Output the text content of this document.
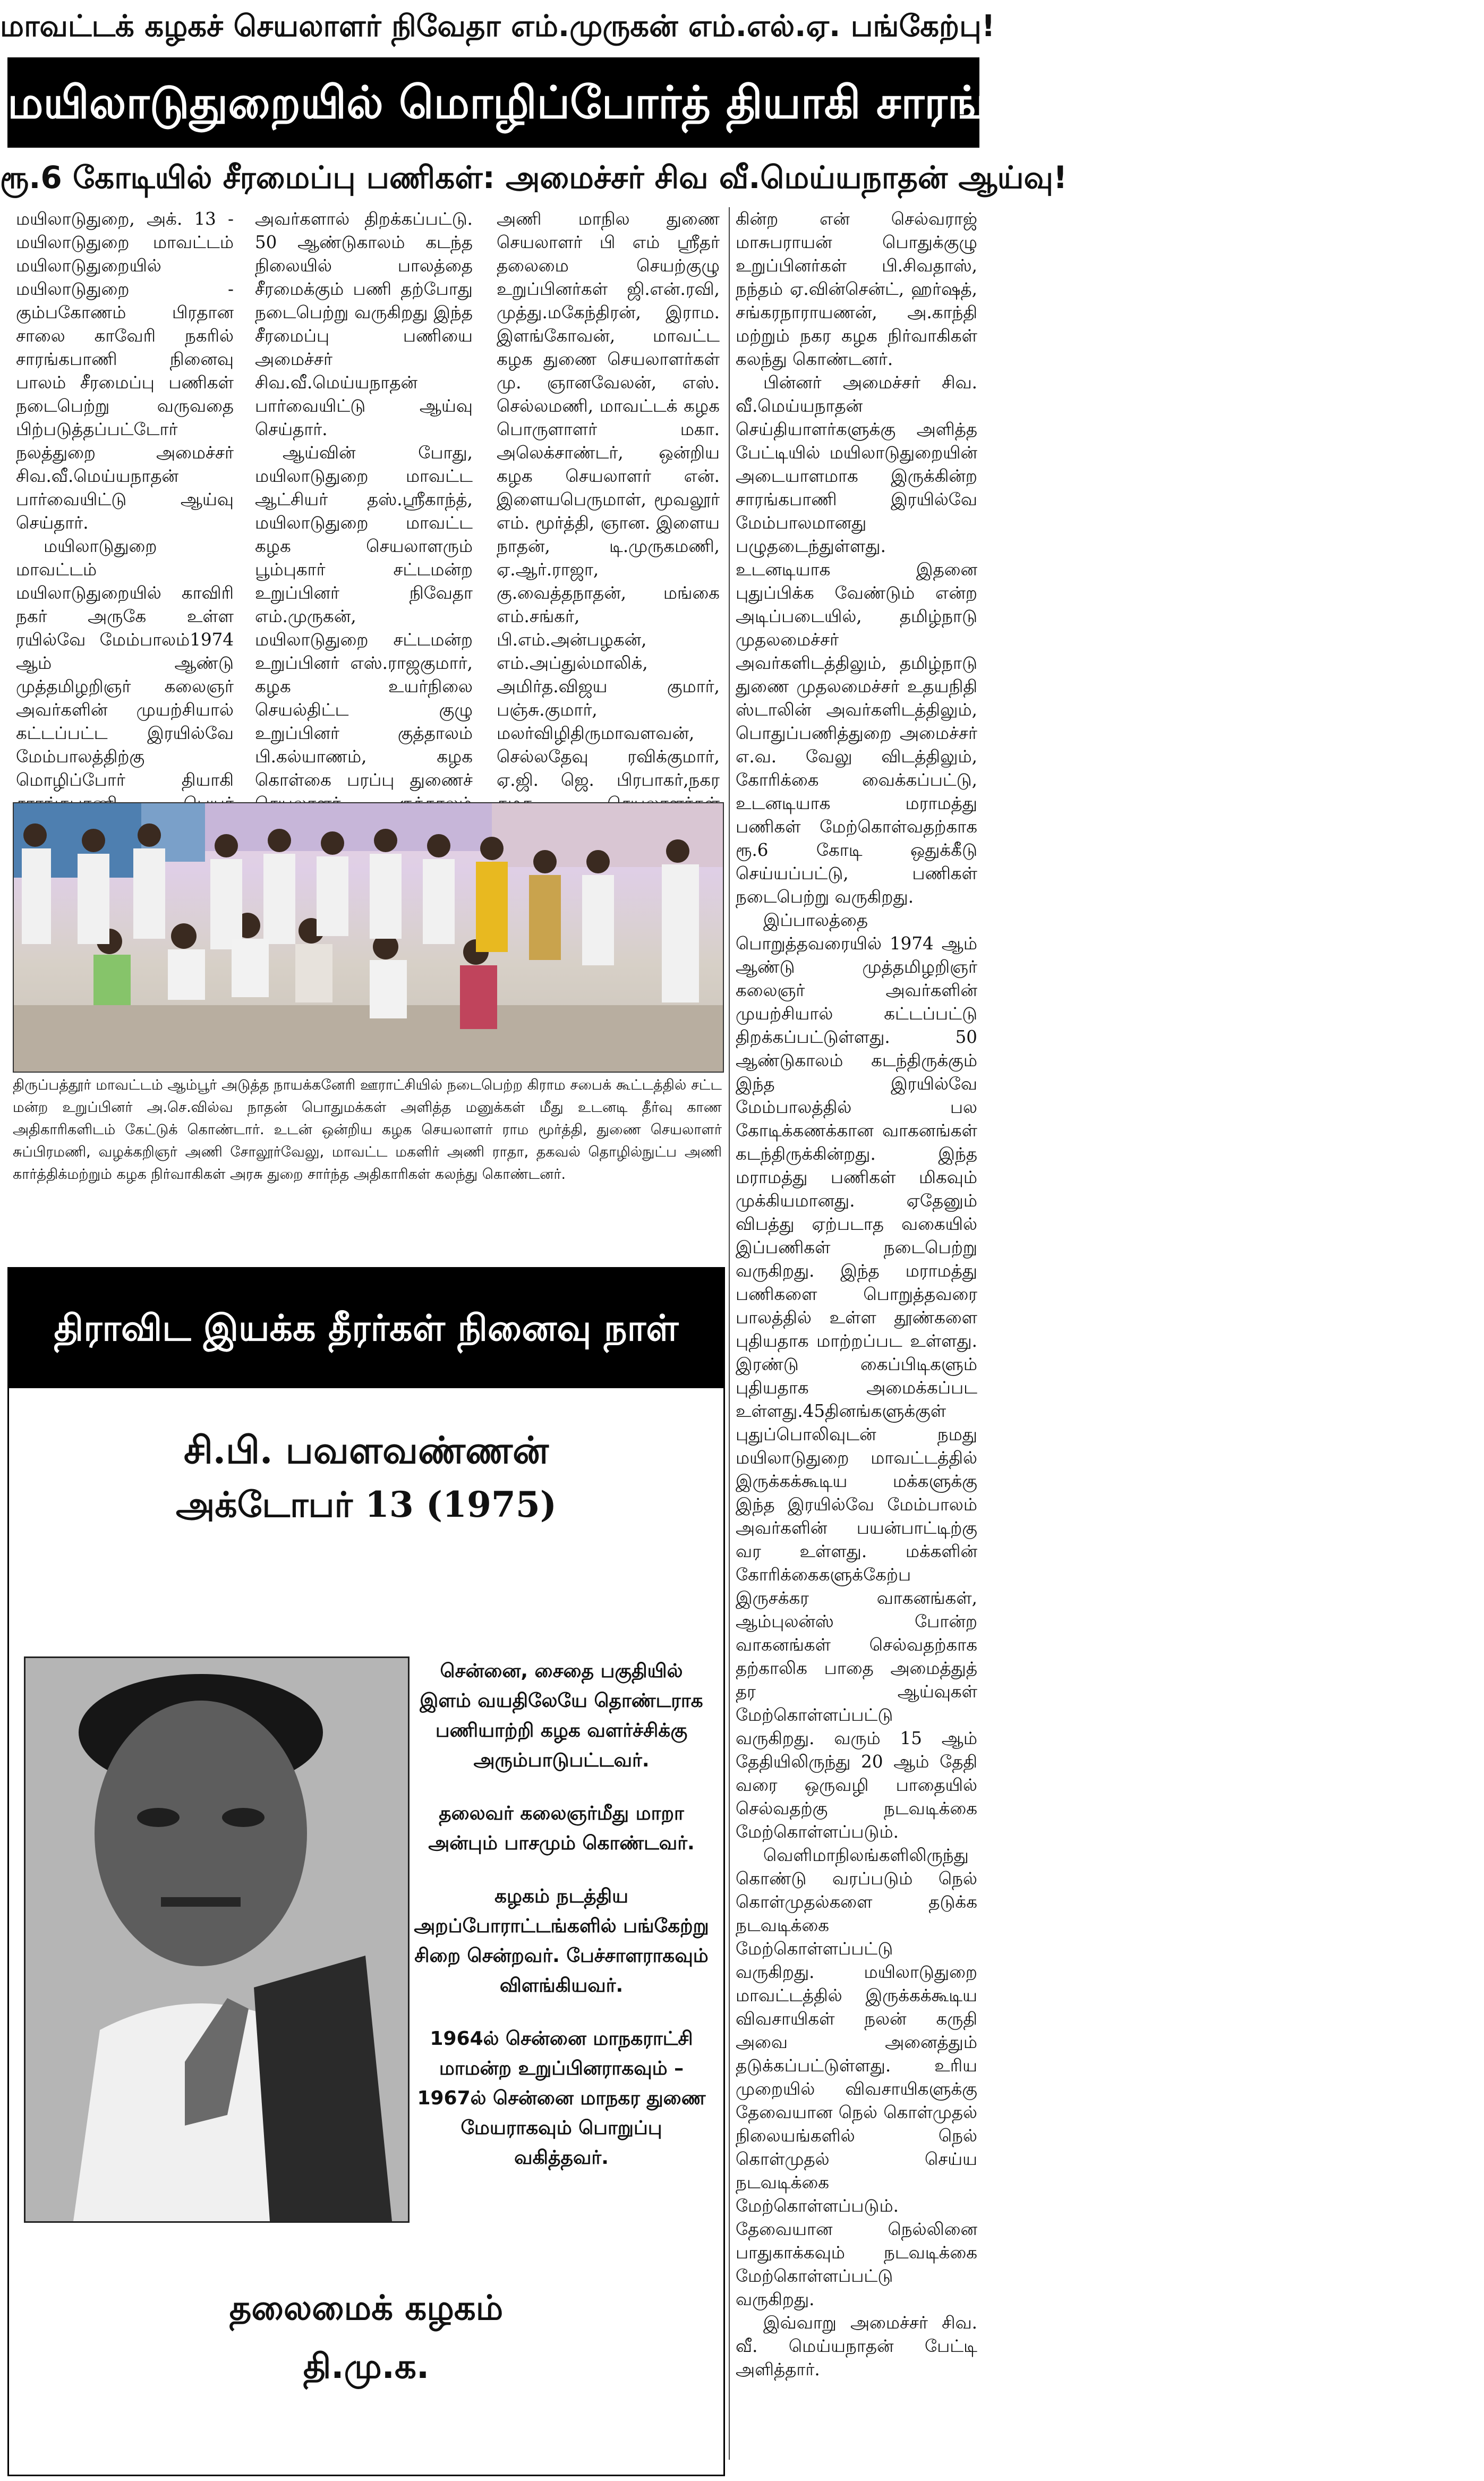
மாவட்டக் கழகச் செயலாளர் நிவேதா எம்.முருகன் எம்.எல்.ஏ. பங்கேற்பு!
மயிலாடுதுறையில் மொழிப்போர்த் தியாகி சாரங்கபாணி நினைவு பாலம்!
ரூ.6 கோடியில் சீரமைப்பு பணிகள்: அமைச்சர் சிவ வீ.மெய்யநாதன் ஆய்வு!

மயிலாடுதுறை, அக். 13 - மயிலாடுதுறை மாவட்டம் மயிலாடுதுறையில் மயிலாடுதுறை - கும்பகோணம் பிரதான சாலை காவேரி நகரில் சாரங்கபாணி நினைவு பாலம் சீரமைப்பு பணிகள் நடைபெற்று வருவதை பிற்படுத்தப்பட்டோர் நலத்துறை அமைச்சர் சிவ.வீ.மெய்யநாதன் பார்வையிட்டு ஆய்வு செய்தார்.

மயிலாடுதுறை மாவட்டம் மயிலாடுதுறையில் காவிரி நகர் அருகே உள்ள ரயில்வே மேம்பாலம்1974 ஆம் ஆண்டு முத்தமிழறிஞர் கலைஞர் அவர்களின் முயற்சியால் கட்டப்பட்ட இரயில்வே மேம்பாலத்திற்கு மொழிப்போர் தியாகி

அவர்களால் திறக்கப்பட்டு. 50 ஆண்டுகாலம் கடந்த நிலையில் பாலத்தை சீரமைக்கும் பணி தற்போது நடைபெற்று வருகிறது இந்த சீரமைப்பு பணியை அமைச்சர் சிவ.வீ.மெய்யநாதன் பார்வையிட்டு ஆய்வு செய்தார்.

ஆய்வின் போது, மயிலாடுதுறை மாவட்ட ஆட்சியர் தஸ்.ஸ்ரீகாந்த், மயிலாடுதுறை மாவட்ட கழக செயலாளரும் பூம்புகார் சட்டமன்ற உறுப்பினர் நிவேதா எம்.முருகன், மயிலாடுதுறை சட்டமன்ற உறுப்பினர் எஸ்.ராஜகுமார், கழக உயர்நிலை செயல்திட்ட குழு உறுப்பினர் குத்தாலம் பி.கல்யாணம், கழக கொள்கை பரப்பு துணைச்

அணி மாநில துணை செயலாளர் பி எம் ஸ்ரீதர் தலைமை செயற்குழு உறுப்பினர்கள் ஜி.என்.ரவி, முத்து.மகேந்திரன், இராம. இளங்கோவன், மாவட்ட கழக துணை செயலாளர்கள் மு. ஞானவேலன், எஸ். செல்லமணி, மாவட்டக் கழக பொருளாளர் மகா. அலெக்சாண்டர், ஒன்றிய கழக செயலாளர் என். இளையபெருமாள், மூவலூர் எம். மூர்த்தி, ஞான. இளைய நாதன், டி.முருகமணி, ஏ.ஆர்.ராஜா, கு.வைத்தநாதன், மங்கை எம்.சங்கர், பி.எம்.அன்பழகன், எம்.அப்துல்மாலிக், அமிர்த.விஜய குமார், பஞ்சு.குமார், மலர்விழிதிருமாவளவன், செல்லதேவு ரவிக்குமார், ஏ.ஜி. ஜெ. பிரபாகர்,நகர

கின்ற என் செல்வராஜ் மாசுபராயன் பொதுக்குழு உறுப்பினர்கள் பி.சிவதாஸ், நந்தம் ஏ.வின்சென்ட், ஹர்ஷத், சங்கரநாராயணன், அ.காந்தி மற்றும் நகர கழக நிர்வாகிகள் கலந்து கொண்டனர்.

பின்னர் அமைச்சர் சிவ. வீ.மெய்யநாதன் செய்தியாளர்களுக்கு அளித்த பேட்டியில் மயிலாடுதுறையின் அடையாளமாக இருக்கின்ற சாரங்கபாணி இரயில்வே மேம்பாலமானது பழுதடைந்துள்ளது. உடனடியாக இதனை புதுப்பிக்க வேண்டும் என்ற அடிப்படையில், தமிழ்நாடு முதலமைச்சர் அவர்களிடத்திலும், தமிழ்நாடு துணை முதலமைச்சர் உதயநிதி ஸ்டாலின் அவர்களிடத்திலும், பொதுப்பணித்துறை அமைச்சர் எ.வ. வேலு விடத்திலும், கோரிக்கை வைக்கப்பட்டு, உடனடியாக மராமத்து பணிகள் மேற்கொள்வதற்காக ரூ.6 கோடி ஒதுக்கீடு செய்யப்பட்டு, பணிகள் நடைபெற்று வருகிறது.

இப்பாலத்தை பொறுத்தவரையில் 1974 ஆம் ஆண்டு முத்தமிழறிஞர் கலைஞர் அவர்களின் முயற்சியால் கட்டப்பட்டு திறக்கப்பட்டுள்ளது. 50 ஆண்டுகாலம் கடந்திருக்கும் இந்த இரயில்வே மேம்பாலத்தில் பல கோடிக்கணக்கான வாகனங்கள் கடந்திருக்கின்றது. இந்த மராமத்து பணிகள் மிகவும் முக்கியமானது. ஏதேனும் விபத்து ஏற்படாத வகையில் இப்பணிகள் நடைபெற்று வருகிறது. இந்த மராமத்து பணிகளை பொறுத்தவரை பாலத்தில் உள்ள தூண்களை புதியதாக மாற்றப்பட உள்ளது. இரண்டு கைப்பிடிகளும் புதியதாக அமைக்கப்பட உள்ளது.45தினங்களுக்குள் புதுப்பொலிவுடன் நமது மயிலாடுதுறை மாவட்டத்தில் இருக்கக்கூடிய மக்களுக்கு இந்த இரயில்வே மேம்பாலம் அவர்களின் பயன்பாட்டிற்கு வர உள்ளது. மக்களின் கோரிக்கைகளுக்கேற்ப இருசக்கர வாகனங்கள், ஆம்புலன்ஸ் போன்ற வாகனங்கள் செல்வதற்காக தற்காலிக பாதை அமைத்துத் தர ஆய்வுகள் மேற்கொள்ளப்பட்டு வருகிறது. வரும் 15 ஆம் தேதியிலிருந்து 20 ஆம் தேதி வரை ஒருவழி பாதையில் செல்வதற்கு நடவடிக்கை மேற்கொள்ளப்படும்.

வெளிமாநிலங்களிலிருந்து கொண்டு வரப்படும் நெல் கொள்முதல்களை தடுக்க நடவடிக்கை மேற்கொள்ளப்பட்டு வருகிறது. மயிலாடுதுறை மாவட்டத்தில் இருக்கக்கூடிய விவசாயிகள் நலன் கருதி அவை அனைத்தும் தடுக்கப்பட்டுள்ளது. உரிய முறையில் விவசாயிகளுக்கு தேவையான நெல் கொள்முதல் நிலையங்களில் நெல் கொள்முதல் செய்ய நடவடிக்கை மேற்கொள்ளப்படும். தேவையான நெல்லினை பாதுகாக்கவும் நடவடிக்கை மேற்கொள்ளப்பட்டு வருகிறது.

இவ்வாறு அமைச்சர் சிவ. வீ. மெய்யநாதன் பேட்டி அளித்தார்.

திருப்பத்தூர் மாவட்டம் ஆம்பூர் அடுத்த நாயக்கனேரி ஊராட்சியில் நடைபெற்ற கிராம சபைக் கூட்டத்தில் சட்ட மன்ற உறுப்பினர் அ.செ.வில்வ நாதன் பொதுமக்கள் அளித்த மனுக்கள் மீது உடனடி தீர்வு காண அதிகாரிகளிடம் கேட்டுக் கொண்டார். உடன் ஒன்றிய கழக செயலாளர் ராம மூர்த்தி, துணை செயலாளர் சுப்பிரமணி, வழக்கறிஞர் அணி சோலூர்வேலு, மாவட்ட மகளிர் அணி ராதா, தகவல் தொழில்நுட்ப அணி கார்த்திக்மற்றும் கழக நிர்வாகிகள் அரசு துறை சார்ந்த அதிகாரிகள் கலந்து கொண்டனர்.
திராவிட இயக்க தீரர்கள் நினைவு நாள்
சி.பி. பவளவண்ணன்
அக்டோபர் 13 (1975)

சென்னை, சைதை பகுதியில் இளம் வயதிலேயே தொண்டராக பணியாற்றி கழக வளர்ச்சிக்கு அரும்பாடுபட்டவர்.

தலைவர் கலைஞர்மீது மாறா அன்பும் பாசமும் கொண்டவர்.

கழகம் நடத்திய அறப்போராட்டங்களில் பங்கேற்று சிறை சென்றவர். பேச்சாளராகவும் விளங்கியவர்.

1964ல் சென்னை மாநகராட்சி மாமன்ற உறுப்பினராகவும் – 1967ல் சென்னை மாநகர துணை மேயராகவும் பொறுப்பு வகித்தவர்.

தலைமைக் கழகம்
தி.மு.க.
